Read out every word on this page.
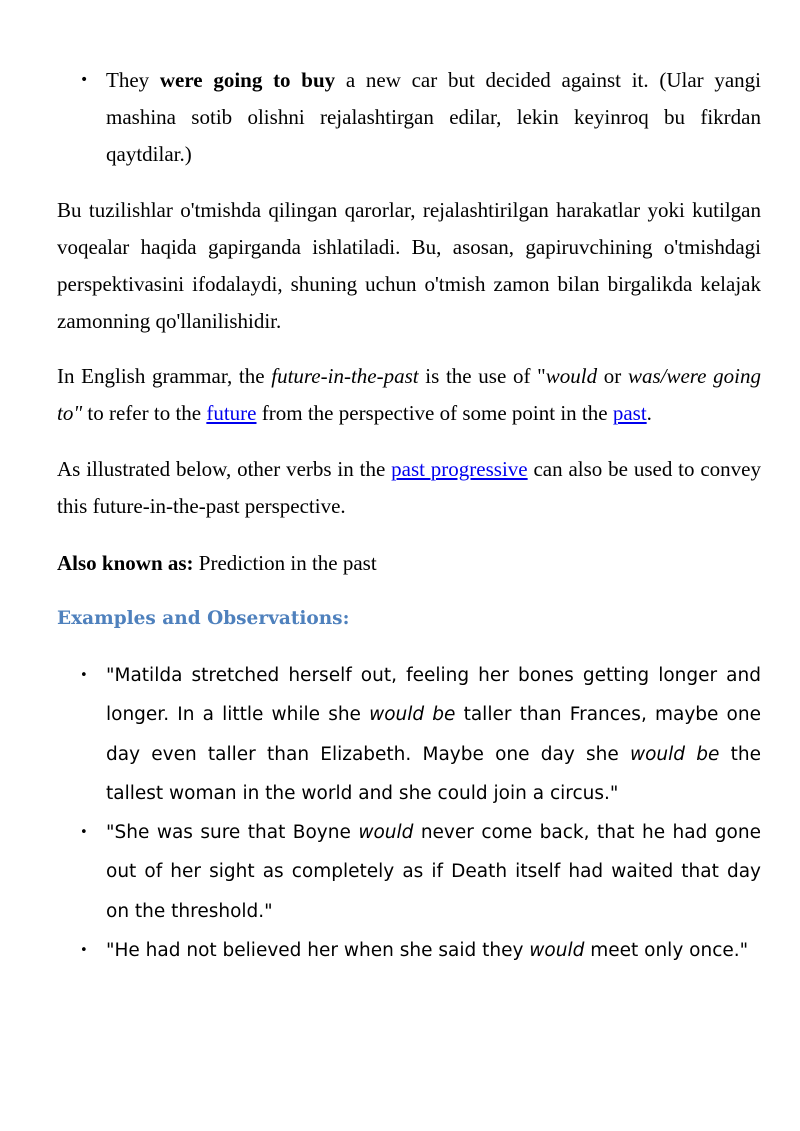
• They were going to buy a new car but decided against it. (Ular yangi mashina sotib olishni rejalashtirgan edilar, lekin keyinroq bu fikrdan qaytdilar.)

Bu tuzilishlar o'tmishda qilingan qarorlar, rejalashtirilgan harakatlar yoki kutilgan voqealar haqida gapirganda ishlatiladi. Bu, asosan, gapiruvchining o'tmishdagi perspektivasini ifodalaydi, shuning uchun o'tmish zamon bilan birgalikda kelajak zamonning qo'llanilishidir.

In English grammar, the future-in-the-past is the use of "would or was/were going to" to refer to the future from the perspective of some point in the past.

As illustrated below, other verbs in the past progressive can also be used to convey this future-in-the-past perspective.

Also known as: Prediction in the past

Examples and Observations:
• "Matilda stretched herself out, feeling her bones getting longer and longer. In a little while she would be taller than Frances, maybe one day even taller than Elizabeth. Maybe one day she would be the tallest woman in the world and she could join a circus."
• "She was sure that Boyne would never come back, that he had gone out of her sight as completely as if Death itself had waited that day on the threshold."
• "He had not believed her when she said they would meet only once."
